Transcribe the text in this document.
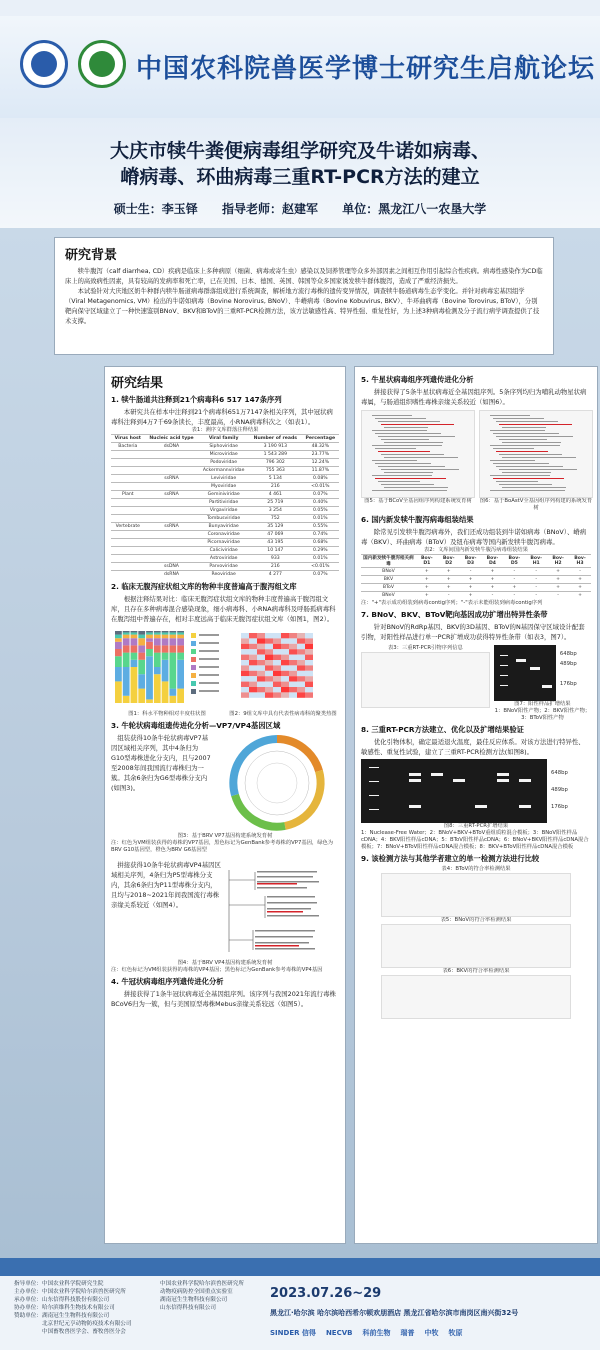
中国农科院兽医学博士研究生启航论坛
大庆市犊牛粪便病毒组学研究及牛诺如病毒、
嵴病毒、环曲病毒三重RT-PCR方法的建立
硕士生：李玉铎 指导老师：赵建军 单位：黑龙江八一农垦大学
研究背景
犊牛腹泻（calf diarrhea, CD）疾病是临床上多种病原（细菌、病毒或寄生虫）感染以及饲养管理等众多外部因素之间相互作用引起综合性疾病。病毒性感染作为CD临床上的高致病性因素，具有较高的发病率和死亡率，已在美国、日本、德国、英国、韩国等众多国家诱发犊牛群体腹泻，造成了严重经济损失。
本试验针对大庆地区奶牛种群内犊牛肠道病毒群落组成进行系统调查，解析地方流行毒株的遗传变异情况，调查犊牛肠道病毒生态学变化。并针对病毒宏基因组学（Viral Metagenomics, VM）检出的牛诺如病毒（Bovine Norovirus, BNoV）、牛嵴病毒（Bovine Kobuvirus, BKV）、牛环曲病毒（Bovine Torovirus, BToV），分别靶向保守区域建立了一种快速鉴别BNoV、BKV和BToV的三重RT-PCR检测方法，该方法敏感性高、特异性强、重复性好，为上述3种病毒检测及分子流行病学调查提供了技术支撑。
研究结果
1. 犊牛肠道共注释到21个病毒科6 517 147条序列
本研究共在样本中注释到21个病毒科651万7147条相关序列，其中冠状病毒科注释到4万7千69条读长，丰度最高，小RNA病毒科次之（如表1）。
表1：测序文库群落注释结果
Virus host	Nucleic acid type	Viral family	Number of reads	Percentage
Bacteria	dsDNA	Siphoviridae	3 190 913	48.32%
		Microviridae	1 543 289	23.77%
		Podoviridae	796 302	12.24%
		Ackermannviridae	755 363	11.87%
	ssRNA	Leviviridae	5 134	0.08%
		Myoviridae	216	<0.01%
Plant	ssRNA	Geminiviridae	4 461	0.07%
		Partitiviridae	25 719	0.40%
		Virgaviridae	3 254	0.05%
		Tombusviridae	752	0.01%
Vertebrate	ssRNA	Bunyaviridae	35 129	0.55%
		Coronaviridae	47 069	0.74%
		Picornaviridae	43 195	0.68%
		Caliciviridae	10 147	0.29%
		Astroviridae	933	0.01%
	ssDNA	Parvoviridae	216	<0.01%
	dsRNA	Reoviridae	4 277	0.07%
2. 临床无腹泻症状组文库的物种丰度普遍高于腹泻组文库
根据注释结果对比：临床无腹泻症状组文库的物种丰度普遍高于腹泻组文库，且存在多种病毒混合感染现象，细小病毒科、小RNA病毒科及呼肠孤病毒科在腹泻组中普遍存在，相对丰度远高于临床无腹泻症状组文库（如图1，图2）。
图1：科水平物种相对丰度柱状图	图2：9组文库中具有代表性病毒科的聚类热图
3. 牛轮状病毒组遗传进化分析—VP7/VP4基因区域
组装获得10条牛轮状病毒VP7基因区域相关序列，其中4条归为G10型毒株进化分支内，且与2007至2008年间我国流行毒株归为一簇。其余6条归为G6型毒株分支内(如图3)。
图3：基于BRV VP7基因构建系统发育树
注：红色为VM组装获得的毒株的VP7基因，黑色标记为GenBank参考毒株的VP7基因，绿色为BRV G10基因型，橙色为BRV G6基因型
拼接获得10条牛轮状病毒VP4基因区域相关序列，4条归为P5型毒株分支内，其余6条归为P11型毒株分支内，且均与2018~2021年间我国流行毒株亲缘关系较近（如图4）。
图4：基于BRV VP4基因构建系统发育树
注：红色标记为VM组装获得的毒株的VP4基因；黑色标记为GenBank参考毒株的VP4基因
4. 牛冠状病毒组序列遗传进化分析
拼接获得了1条牛冠状病毒近全基因组序列。该序列与我国2021年流行毒株BCoV6归为一簇，但与美国原型毒株Mebus亲缘关系较远（如图5）。
5. 牛星状病毒组序列遗传进化分析
拼接获得了5条牛星状病毒近全基因组序列。5条序列均归为哺乳动物星状病毒属，与肠道组织嗜性毒株亲缘关系较近（如图6）。
图5：基于BCoV全基因组序列构建系统发育树	图6：基于BoAstV全基因组序列构建的系统发育树
6. 国内新发犊牛腹泻病毒组装结果
除常见引发犊牛腹泻病毒外，我们还成功组装到牛诺如病毒（BNoV）、嵴病毒（BKV）、环曲病毒（BToV）及纽布病毒等国内新发犊牛腹泻病毒。
表2：文库间国内新发犊牛腹泻病毒组装结果
国内新发犊牛腹泻相关病毒	Bov-D1	Bov-D2	Bov-D3	Bov-D4	Bov-D5	Bov-H1	Bov-H2	Bov-H3
BNoV	+	+	-	+	-	-	+	-
BKV	+	+	+	+	-	-	+	+
BToV	+	+	+	+	+	-	+	+
BNeV	+	-	+	-	-	-	-	+
注："+"表示成功组装到病毒contig序列；"-"表示未能组装到病毒contig序列
7. BNoV、BKV、BToV靶向基因成功扩增出特异性条带
针对BNoV的RdRp基因、BKV的3D基因、BToV的N基因保守区域设计配套引物，对阳性样品进行单一PCR扩增成功获得特异性条带（如表3，图7）。
表3：三重RT-PCR引物序列信息
648bp
489bp
176bp
图7：阳性样品扩增结果
1：BNoV阳性产物；2：BKV阳性产物；3：BToV阳性产物
8. 三重RT-PCR方法建立、优化以及扩增结果验证
优化引物体积，确定最适退火温度，最佳反应体系。对该方法进行特异性、敏感性、重复性试验，建立了三重RT-PCR检测方法(如图8)。
648bp
489bp
176bp
图8：三重RT-PCR扩增结果
1：Nuclease-Free Water；2：BNoV+BKV+BToV重组质粒混合模板；3：BNoV阳性样品cDNA；4：BKV阳性样品cDNA；5：BToV阳性样品cDNA；6：BNoV+BKV阳性样品cDNA混合模板；7：BNoV+BToV阳性样品cDNA混合模板；8：BKV+BToV阳性样品cDNA混合模板
9. 该检测方法与其他学者建立的单一检测方法进行比较
表4：BToV的符合率检测结果
表5：BNoV的符合率检测结果
表6：BKV的符合率检测结果
指导单位：中国农业科学院研究生院
主办单位：中国农业科学院哈尔滨兽医研究所
承办单位：山东信得科技股份有限公司
协办单位：哈尔滨维科生物技术有限公司
赞助单位：湖南冠生生物科技有限公司
　　　　　北京世纪元亨动物防疫技术有限公司
　　　　　中国畜牧兽医学会、畜牧兽医分会
中国农业科学院哈尔滨兽医研究所
动物疫病防控全国重点实验室
湖南冠生生物科技有限公司
山东信得科技有限公司
2023.07.26~29
黑龙江·哈尔滨 哈尔滨哈西希尔顿欢朋酒店 黑龙江省哈尔滨市南岗区南兴街32号
SINDER 信得 NECVB 科前生物 瑞普 中牧 牧原
